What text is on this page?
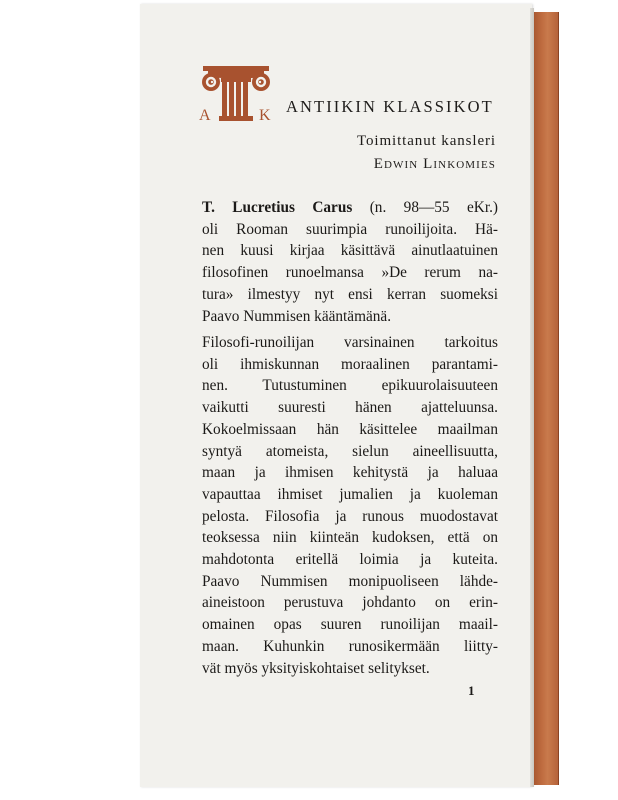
A	K ANTIIKIN KLASSIKOT
Toimittanut kansleri
Edwin Linkomies
T. Lucretius Carus (n. 98—55 eKr.)
oli Rooman suurimpia runoilijoita. Hä-
nen kuusi kirjaa käsittävä ainutlaatuinen
filosofinen runoelmansa »De rerum na-
tura» ilmestyy nyt ensi kerran suomeksi
Paavo Nummisen kääntämänä.
Filosofi-runoilijan varsinainen tarkoitus
oli ihmiskunnan moraalinen parantami-
nen. Tutustuminen epikuurolaisuuteen
vaikutti suuresti hänen ajatteluunsa.
Kokoelmissaan hän käsittelee maailman
syntyä atomeista, sielun aineellisuutta,
maan ja ihmisen kehitystä ja haluaa
vapauttaa ihmiset jumalien ja kuoleman
pelosta. Filosofia ja runous muodostavat
teoksessa niin kiinteän kudoksen, että on
mahdotonta eritellä loimia ja kuteita.
Paavo Nummisen monipuoliseen lähde-
aineistoon perustuva johdanto on erin-
omainen opas suuren runoilijan maail-
maan. Kuhunkin runosikermään liitty-
vät myös yksityiskohtaiset selitykset.
1
